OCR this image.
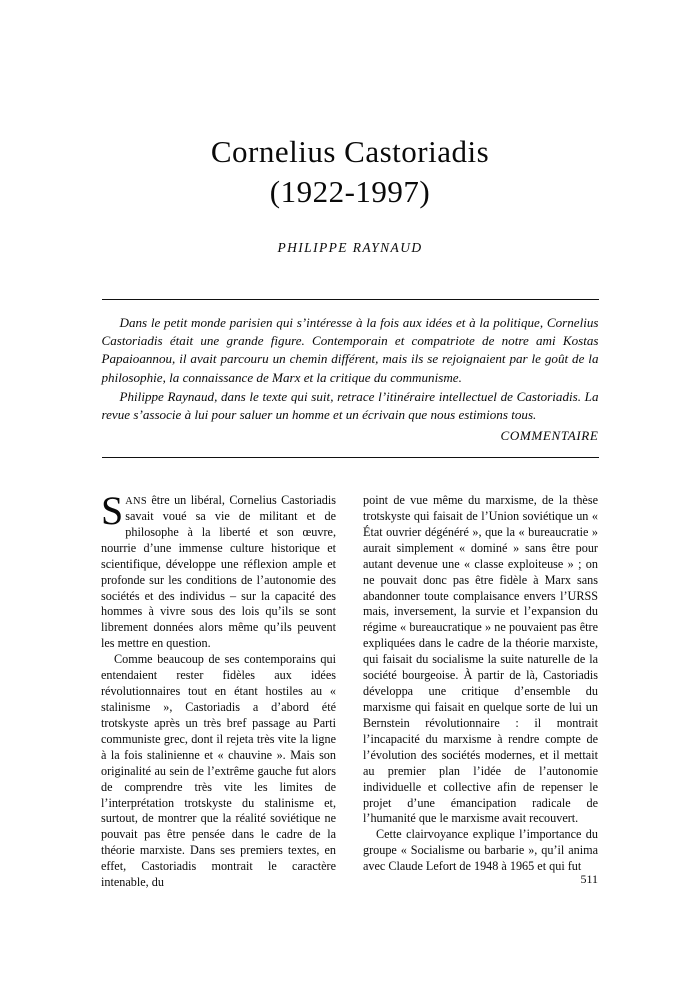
Cornelius Castoriadis
(1922-1997)
PHILIPPE RAYNAUD

Dans le petit monde parisien qui s’intéresse à la fois aux idées et à la politique, Cornelius Castoriadis était une grande figure. Contemporain et compatriote de notre ami Kostas Papaioannou, il avait parcouru un chemin différent, mais ils se rejoignaient par le goût de la philosophie, la connaissance de Marx et la critique du communisme.

Philippe Raynaud, dans le texte qui suit, retrace l’itinéraire intellectuel de Castoriadis. La revue s’associe à lui pour saluer un homme et un écrivain que nous estimions tous.

COMMENTAIRE

SANS être un libéral, Cornelius Castoriadis savait voué sa vie de militant et de philosophe à la liberté et son œuvre, nourrie d’une immense culture historique et scientifique, développe une réflexion ample et profonde sur les conditions de l’autonomie des sociétés et des individus – sur la capacité des hommes à vivre sous des lois qu’ils se sont librement données alors même qu’ils peuvent les mettre en question.

Comme beaucoup de ses contemporains qui entendaient rester fidèles aux idées révolutionnaires tout en étant hostiles au « stalinisme », Castoriadis a d’abord été trotskyste après un très bref passage au Parti communiste grec, dont il rejeta très vite la ligne à la fois stalinienne et « chauvine ». Mais son originalité au sein de l’extrême gauche fut alors de comprendre très vite les limites de l’interprétation trotskyste du stalinisme et, surtout, de montrer que la réalité soviétique ne pouvait pas être pensée dans le cadre de la théorie marxiste. Dans ses premiers textes, en effet, Castoriadis montrait le caractère intenable, du

point de vue même du marxisme, de la thèse trotskyste qui faisait de l’Union soviétique un « État ouvrier dégénéré », que la « bureaucratie » aurait simplement « dominé » sans être pour autant devenue une « classe exploiteuse » ; on ne pouvait donc pas être fidèle à Marx sans abandonner toute complaisance envers l’URSS mais, inversement, la survie et l’expansion du régime « bureaucratique » ne pouvaient pas être expliquées dans le cadre de la théorie marxiste, qui faisait du socialisme la suite naturelle de la société bourgeoise. À partir de là, Castoriadis développa une critique d’ensemble du marxisme qui faisait en quelque sorte de lui un Bernstein révolutionnaire : il montrait l’incapacité du marxisme à rendre compte de l’évolution des sociétés modernes, et il mettait au premier plan l’idée de l’autonomie individuelle et collective afin de repenser le projet d’une émancipation radicale de l’humanité que le marxisme avait recouvert.

Cette clairvoyance explique l’importance du groupe « Socialisme ou barbarie », qu’il anima avec Claude Lefort de 1948 à 1965 et qui fut

511
